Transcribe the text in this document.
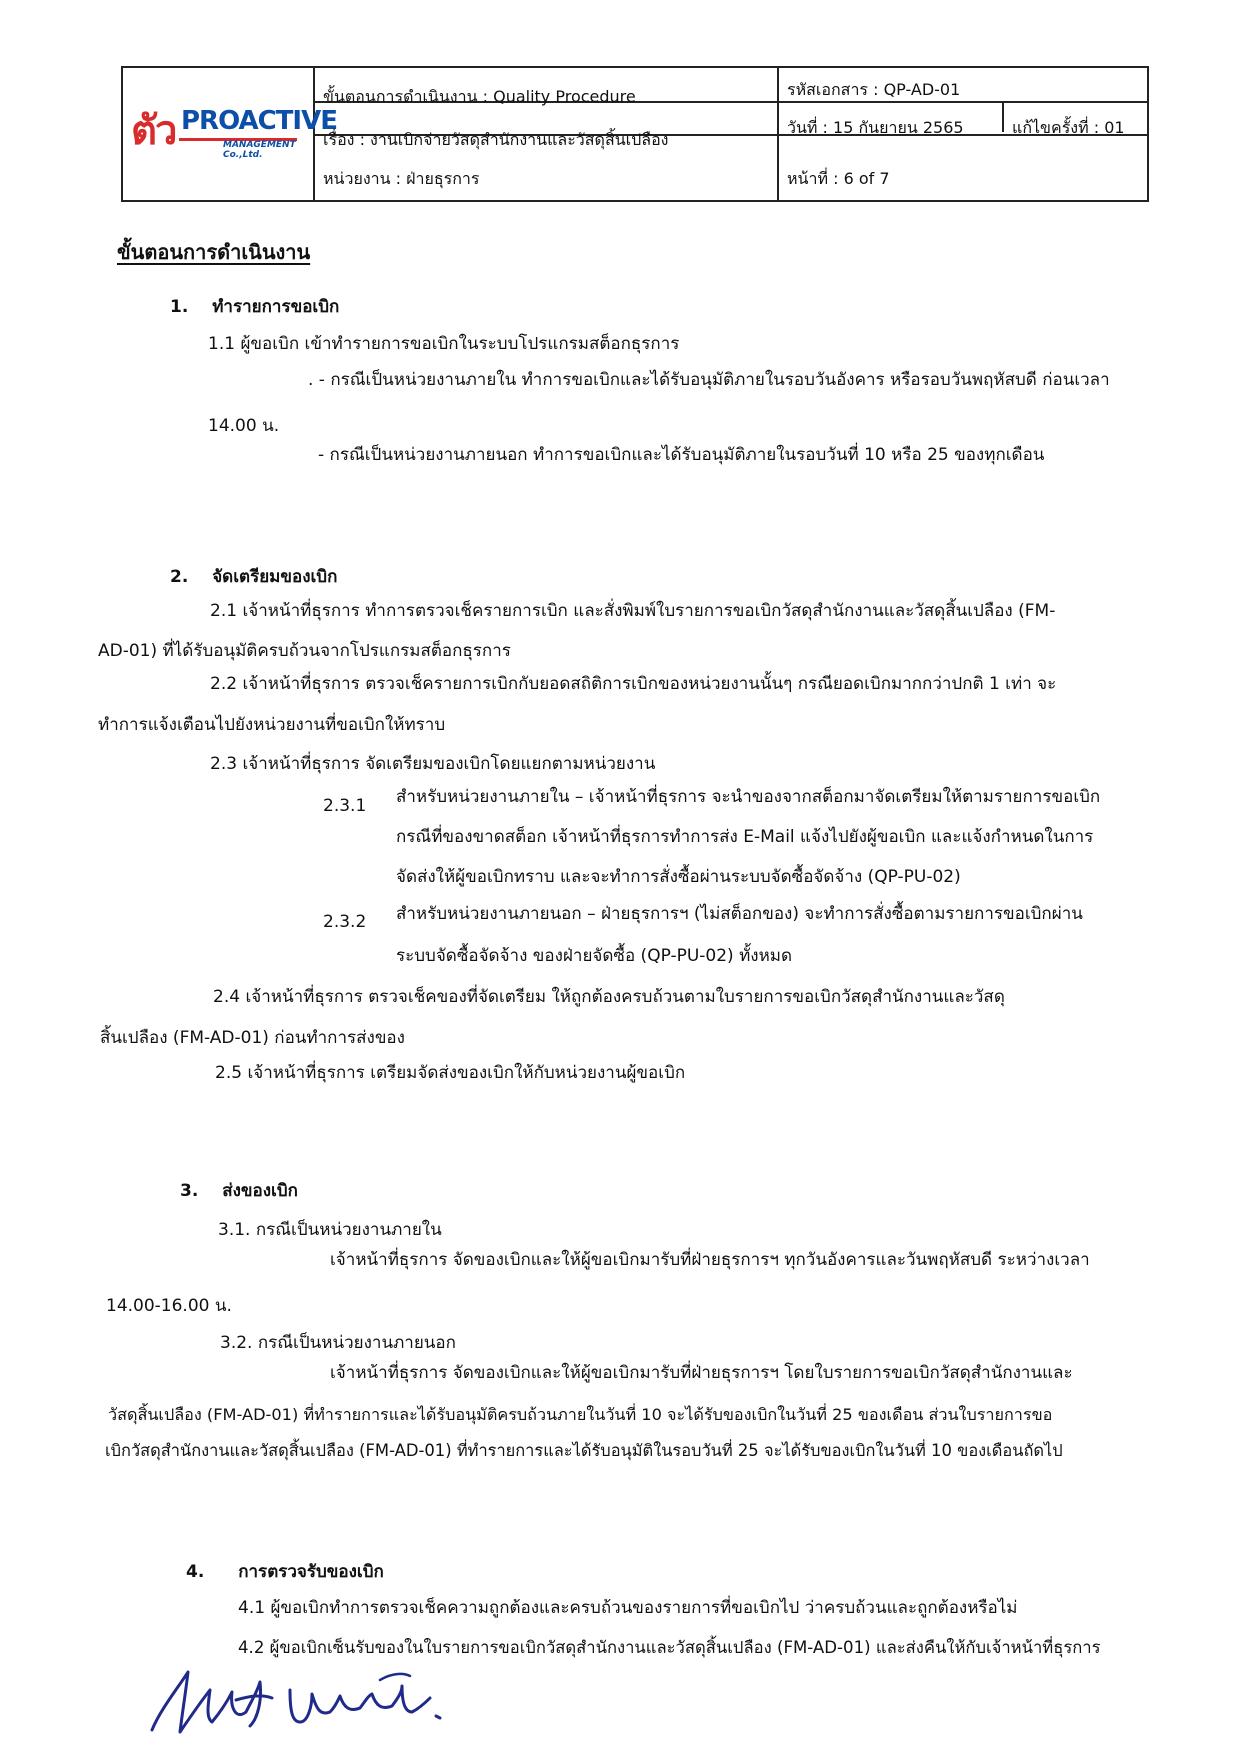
ตัว PROACTIVE
MANAGEMENT Co.,Ltd.
ขั้นตอนการดำเนินงาน : Quality Procedure	รหัสเอกสาร : QP-AD-01
เรื่อง : งานเบิกจ่ายวัสดุสำนักงานและวัสดุสิ้นเปลือง
วันที่ : 15 กันยายน 2565	แก้ไขครั้งที่ : 01
หน่วยงาน : ฝ่ายธุรการ	หน้าที่ : 6 of 7
ขั้นตอนการดำเนินงาน
1. ทำรายการขอเบิก
1.1 ผู้ขอเบิก เข้าทำรายการขอเบิกในระบบโปรแกรมสต็อกธุรการ
. - กรณีเป็นหน่วยงานภายใน ทำการขอเบิกและได้รับอนุมัติภายในรอบวันอังคาร หรือรอบวันพฤหัสบดี ก่อนเวลา
14.00 น.
- กรณีเป็นหน่วยงานภายนอก ทำการขอเบิกและได้รับอนุมัติภายในรอบวันที่ 10 หรือ 25 ของทุกเดือน
2. จัดเตรียมของเบิก
2.1 เจ้าหน้าที่ธุรการ ทำการตรวจเช็ครายการเบิก และสั่งพิมพ์ใบรายการขอเบิกวัสดุสำนักงานและวัสดุสิ้นเปลือง (FM-
AD-01) ที่ได้รับอนุมัติครบถ้วนจากโปรแกรมสต็อกธุรการ
2.2 เจ้าหน้าที่ธุรการ ตรวจเช็ครายการเบิกกับยอดสถิติการเบิกของหน่วยงานนั้นๆ กรณียอดเบิกมากกว่าปกติ 1 เท่า จะ
ทำการแจ้งเตือนไปยังหน่วยงานที่ขอเบิกให้ทราบ
2.3 เจ้าหน้าที่ธุรการ จัดเตรียมของเบิกโดยแยกตามหน่วยงาน
2.3.1 สำหรับหน่วยงานภายใน – เจ้าหน้าที่ธุรการ จะนำของจากสต็อกมาจัดเตรียมให้ตามรายการขอเบิก
กรณีที่ของขาดสต็อก เจ้าหน้าที่ธุรการทำการส่ง E-Mail แจ้งไปยังผู้ขอเบิก และแจ้งกำหนดในการ
จัดส่งให้ผู้ขอเบิกทราบ และจะทำการสั่งซื้อผ่านระบบจัดซื้อจัดจ้าง (QP-PU-02)
2.3.2 สำหรับหน่วยงานภายนอก – ฝ่ายธุรการฯ (ไม่สต็อกของ) จะทำการสั่งซื้อตามรายการขอเบิกผ่าน
ระบบจัดซื้อจัดจ้าง ของฝ่ายจัดซื้อ (QP-PU-02) ทั้งหมด
2.4 เจ้าหน้าที่ธุรการ ตรวจเช็คของที่จัดเตรียม ให้ถูกต้องครบถ้วนตามใบรายการขอเบิกวัสดุสำนักงานและวัสดุ
สิ้นเปลือง (FM-AD-01) ก่อนทำการส่งของ
2.5 เจ้าหน้าที่ธุรการ เตรียมจัดส่งของเบิกให้กับหน่วยงานผู้ขอเบิก
3. ส่งของเบิก
3.1. กรณีเป็นหน่วยงานภายใน
เจ้าหน้าที่ธุรการ จัดของเบิกและให้ผู้ขอเบิกมารับที่ฝ่ายธุรการฯ ทุกวันอังคารและวันพฤหัสบดี ระหว่างเวลา
14.00-16.00 น.
3.2. กรณีเป็นหน่วยงานภายนอก
เจ้าหน้าที่ธุรการ จัดของเบิกและให้ผู้ขอเบิกมารับที่ฝ่ายธุรการฯ โดยใบรายการขอเบิกวัสดุสำนักงานและ
วัสดุสิ้นเปลือง (FM-AD-01) ที่ทำรายการและได้รับอนุมัติครบถ้วนภายในวันที่ 10 จะได้รับของเบิกในวันที่ 25 ของเดือน ส่วนใบรายการขอ
เบิกวัสดุสำนักงานและวัสดุสิ้นเปลือง (FM-AD-01) ที่ทำรายการและได้รับอนุมัติในรอบวันที่ 25 จะได้รับของเบิกในวันที่ 10 ของเดือนถัดไป
4. การตรวจรับของเบิก
4.1 ผู้ขอเบิกทำการตรวจเช็คความถูกต้องและครบถ้วนของรายการที่ขอเบิกไป ว่าครบถ้วนและถูกต้องหรือไม่
4.2 ผู้ขอเบิกเซ็นรับของในใบรายการขอเบิกวัสดุสำนักงานและวัสดุสิ้นเปลือง (FM-AD-01) และส่งคืนให้กับเจ้าหน้าที่ธุรการ
